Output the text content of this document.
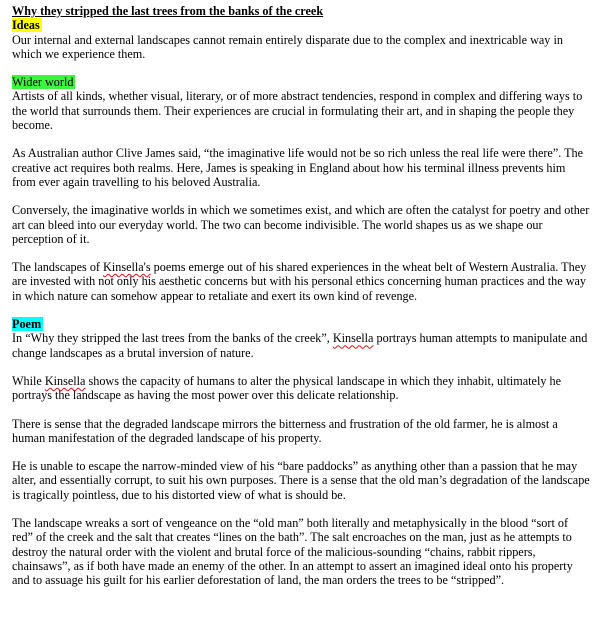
Why they stripped the last trees from the banks of the creek
Ideas

Our internal and external landscapes cannot remain entirely disparate due to the complex and inextricable way in which we experience them.

Wider world

Artists of all kinds, whether visual, literary, or of more abstract tendencies, respond in complex and differing ways to the world that surrounds them. Their experiences are crucial in formulating their art, and in shaping the people they become.

As Australian author Clive James said, “the imaginative life would not be so rich unless the real life were there”. The creative act requires both realms. Here, James is speaking in England about how his terminal illness prevents him from ever again travelling to his beloved Australia.

Conversely, the imaginative worlds in which we sometimes exist, and which are often the catalyst for poetry and other art can bleed into our everyday world. The two can become indivisible. The world shapes us as we shape our perception of it.

The landscapes of Kinsella's poems emerge out of his shared experiences in the wheat belt of Western Australia. They are invested with not only his aesthetic concerns but with his personal ethics concerning human practices and the way in which nature can somehow appear to retaliate and exert its own kind of revenge.

Poem

In “Why they stripped the last trees from the banks of the creek”, Kinsella portrays human attempts to manipulate and change landscapes as a brutal inversion of nature.

While Kinsella shows the capacity of humans to alter the physical landscape in which they inhabit, ultimately he portrays the landscape as having the most power over this delicate relationship.

There is sense that the degraded landscape mirrors the bitterness and frustration of the old farmer, he is almost a human manifestation of the degraded landscape of his property.

He is unable to escape the narrow-minded view of his “bare paddocks” as anything other than a passion that he may alter, and essentially corrupt, to suit his own purposes. There is a sense that the old man’s degradation of the landscape is tragically pointless, due to his distorted view of what is should be.

The landscape wreaks a sort of vengeance on the “old man” both literally and metaphysically in the blood “sort of red” of the creek and the salt that creates “lines on the bath”. The salt encroaches on the man, just as he attempts to destroy the natural order with the violent and brutal force of the malicious-sounding “chains, rabbit rippers, chainsaws”, as if both have made an enemy of the other. In an attempt to assert an imagined ideal onto his property and to assuage his guilt for his earlier deforestation of land, the man orders the trees to be “stripped”.
